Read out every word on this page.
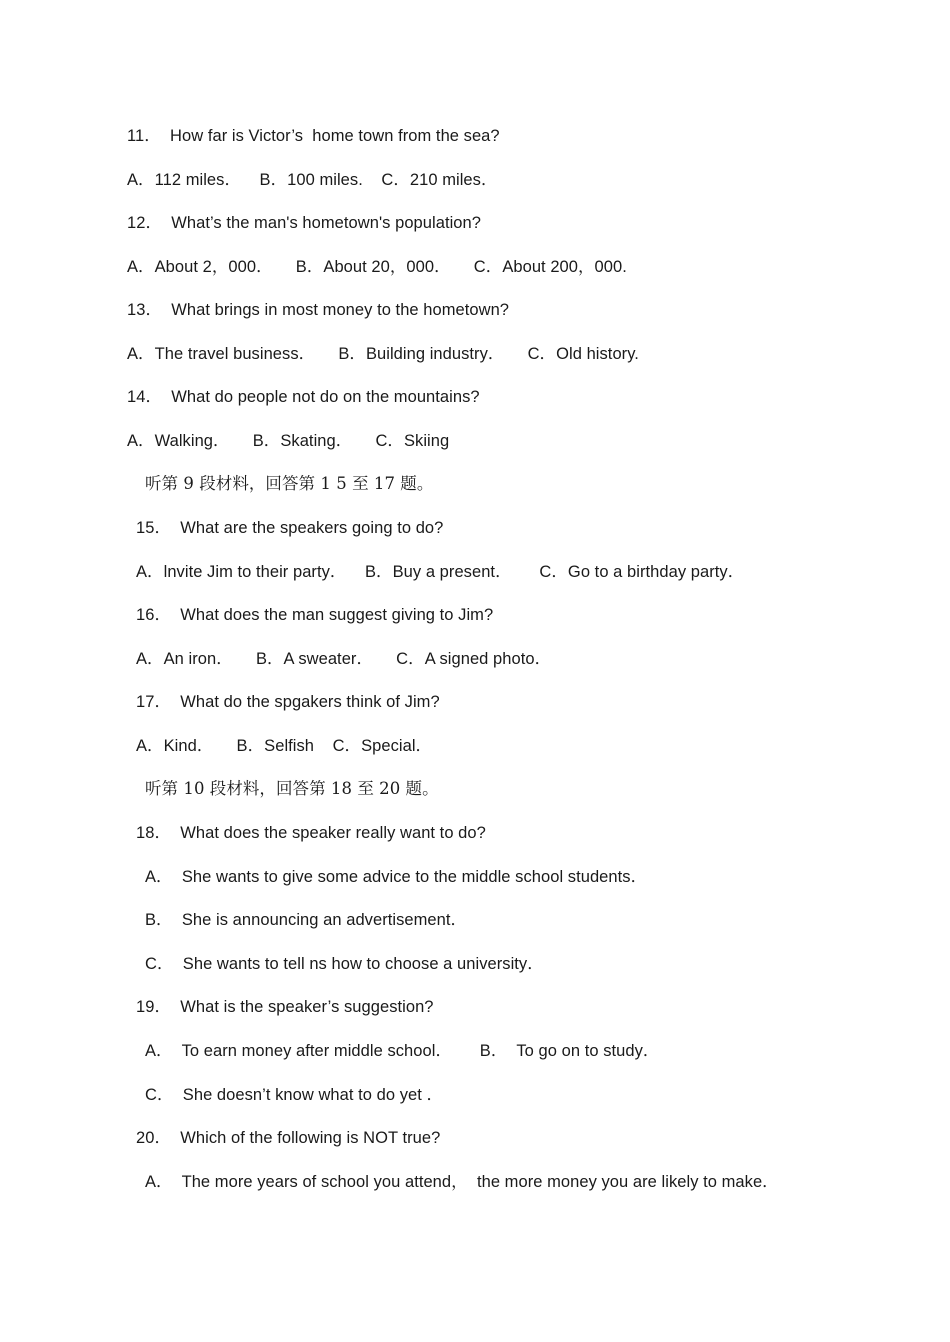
11．  How far is Victor’s  home town from the sea?
A．112 miles．    B．100 miles.    C．210 miles．
12．  What’s the man's hometown's population?
A．About 2，000．     B．About 20，000．     C．About 200，000.
13．  What brings in most money to the hometown?
A．The travel business．     B．Building industry．     C．Old history.
14．  What do people not do on the mountains?
A．Walking．     B．Skating．     C．Skiing
听第 9 段材料，回答第 1 5 至 17 题。
15．  What are the speakers going to do?
A．lnvite Jim to their party．    B．Buy a present．      C．Go to a birthday party．
16．  What does the man suggest giving to Jim?
A．An iron．     B．A sweater．     C．A signed photo．
17．  What do the spgakers think of Jim?
A．Kind．     B．Selfish    C．Special．
听第 10 段材料，回答第 18 至 20 题。
18．  What does the speaker really want to do?
A．  She wants to give some advice to the middle school students．
B．  She is announcing an advertisement．
C．  She wants to tell ns how to choose a university．
19．  What is the speaker’s suggestion?
A．  To earn money after middle school．      B．  To go on to study．
C．  She doesn’t know what to do yet ．
20．  Which of the following is NOT true?
A．  The more years of school you attend，  the more money you are likely to make．
